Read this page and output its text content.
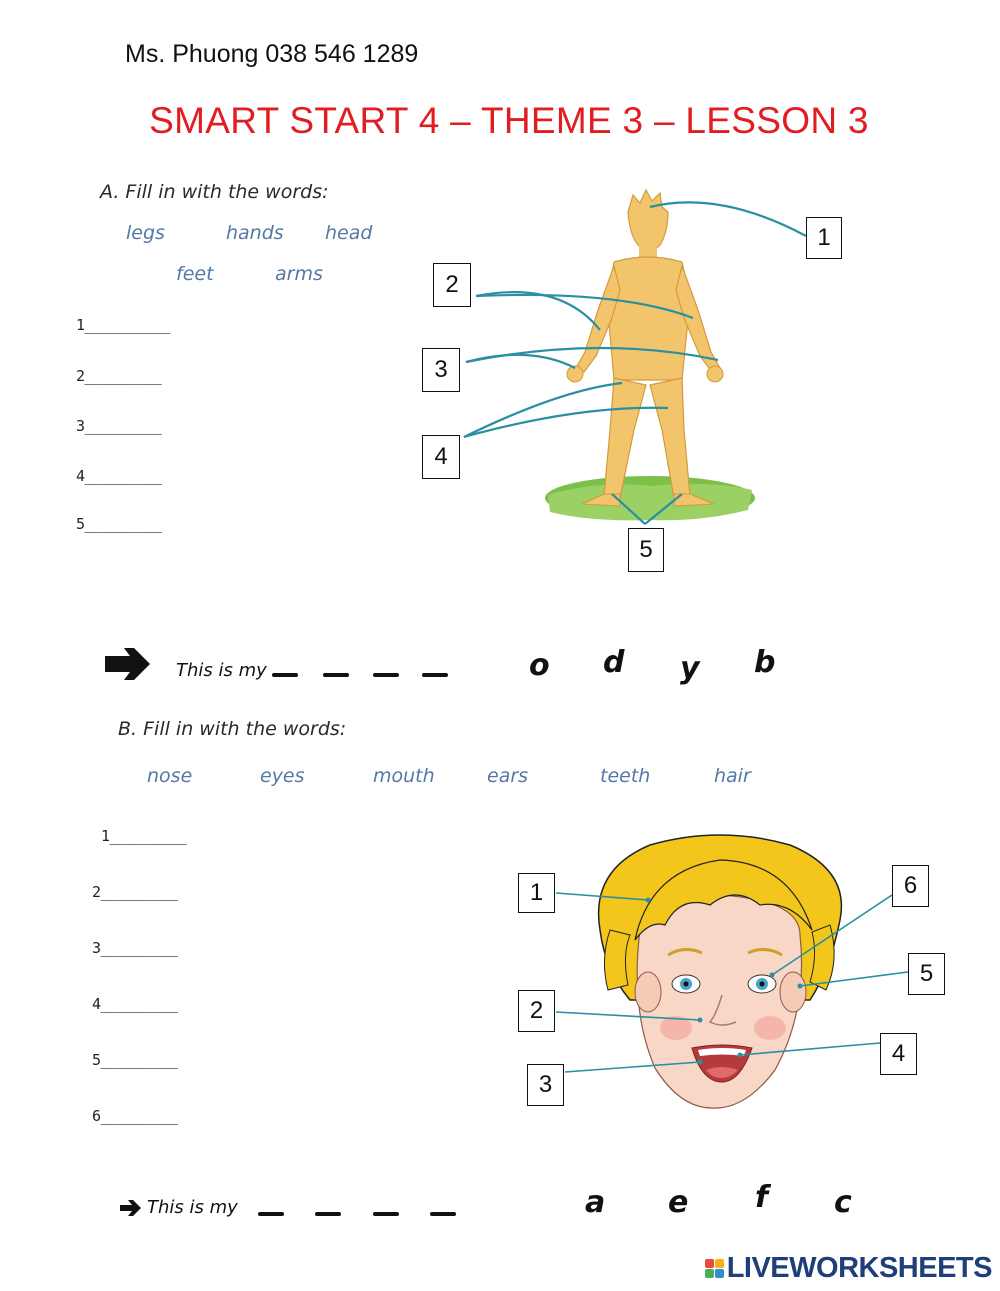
Ms. Phuong 038 546 1289
SMART START 4 – THEME 3 – LESSON 3
A. Fill in with the words:
legs	hands head
feet	arms
1__________
2_________
3_________
4_________
5_________
1
2
3
4
5
This is my	o d y b
B. Fill in with the words:
nose	eyes	mouth	ears	teeth	hair
1_________
2_________
3_________
4_________
5_________
6_________
1
2
3
4
5
6
This is my	a e f c
LIVEWORKSHEETS
